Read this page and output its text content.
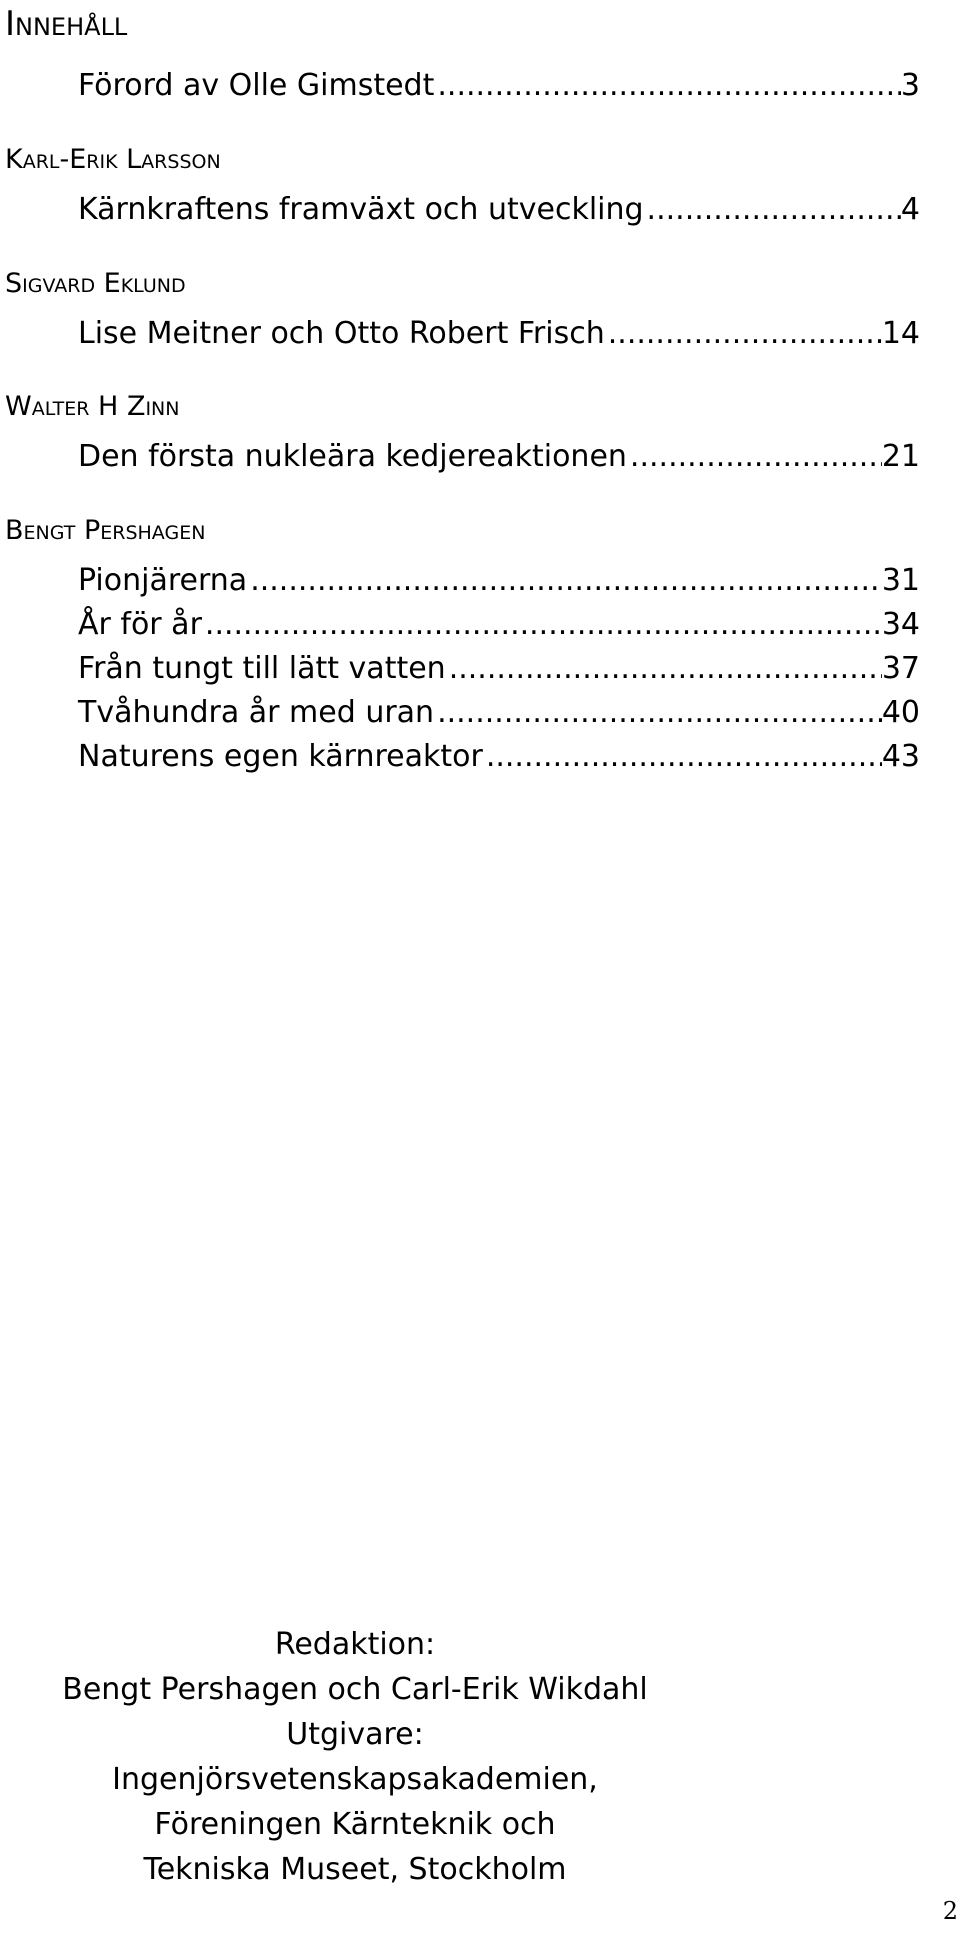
Innehåll
Förord av Olle Gimstedt .....	3
Karl-Erik Larsson
Kärnkraftens framväxt och utveckling .....	4
Sigvard Eklund
Lise Meitner och Otto Robert Frisch .....	14
Walter H Zinn
Den första nukleära kedjereaktionen .....	21
Bengt Pershagen
Pionjärerna .....	31
År för år .....	34
Från tungt till lätt vatten .....	37
Tvåhundra år med uran .....	40
Naturens egen kärnreaktor .....	43
Redaktion:
Bengt Pershagen och Carl-Erik Wikdahl
Utgivare:
Ingenjörsvetenskapsakademien,
Föreningen Kärnteknik och
Tekniska Museet, Stockholm
2
